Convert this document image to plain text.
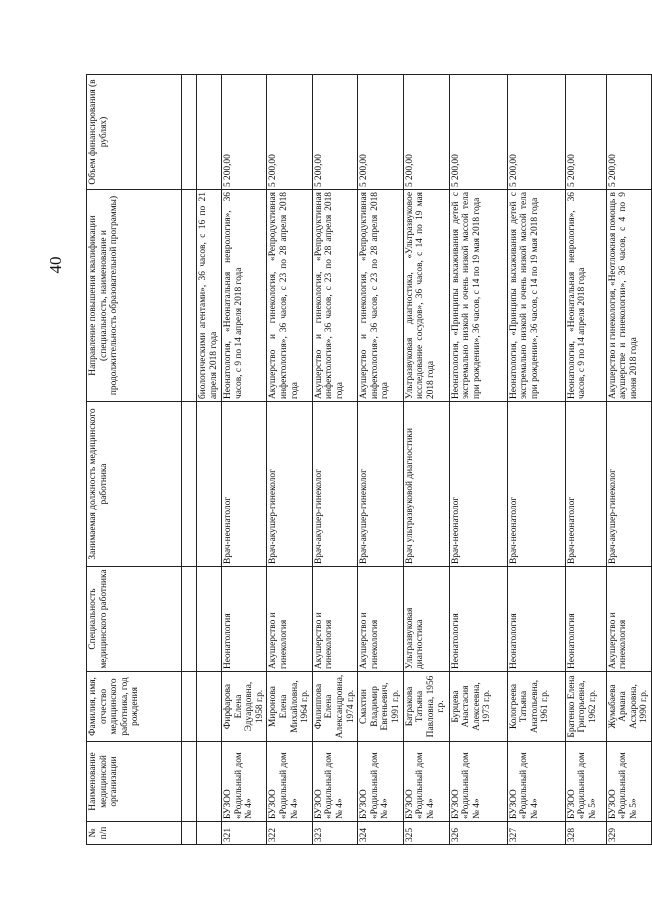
40
№ п/п	Наименование медицинской организации	Фамилия, имя, отчество медицинского работника, год рождения	Специальность медицинского работника	Занимаемая должность медицинского работника	Направление повышения квалификации (специальность, наименование и продолжительность образовательной программы)	Объем финансирования (в рублях)

					биологическими агентами», 36 часов, с 16 по 21 апреля 2018 года	
321	БУЗОО «Родильный дом № 4»	Фирфарова Елена Эдуардовна, 1958 г.р.	Неонатология	Врач-неонатолог	Неонатология, «Неонатальная неврология», 36 часов, с 9 по 14 апреля 2018 года	5 200,00
322	БУЗОО «Родильный дом № 4»	Миронова Елена Михайловна, 1964 г.р.	Акушерство и гинекология	Врач-акушер-гинеколог	Акушерство и гинекология, «Репродуктивная инфектология», 36 часов, с 23 по 28 апреля 2018 года	5 200,00
323	БУЗОО «Родильный дом № 4»	Филиппова Елена Александровна, 1974 г.р.	Акушерство и гинекология	Врач-акушер-гинеколог	Акушерство и гинекология, «Репродуктивная инфектология», 36 часов, с 23 по 28 апреля 2018 года	5 200,00
324	БУЗОО «Родильный дом № 4»	Смахтин Владимир Евгеньевич, 1991 г.р.	Акушерство и гинекология	Врач-акушер-гинеколог	Акушерство и гинекология, «Репродуктивная инфектология», 36 часов, с 23 по 28 апреля 2018 года	5 200,00
325	БУЗОО «Родильный дом № 4»	Батракова Татьяна Павловна, 1956 г.р.	Ультразвуковая диагностика	Врач ультразвуковой диагностики	Ультразвуковая диагностика, «Ультразвуковое исследование сосудов», 36 часов, с 14 по 19 мая 2018 года	5 200,00
326	БУЗОО «Родильный дом № 4»	Бурцева Анастасия Алексеевна, 1973 г.р.	Неонатология	Врач-неонатолог	Неонатология, «Принципы выхаживания детей с экстремально низкой и очень низкой массой тела при рождении», 36 часов, с 14 по 19 мая 2018 года	5 200,00
327	БУЗОО «Родильный дом № 4»	Кологреева Татьяна Анатольевна, 1961 г.р.	Неонатология	Врач-неонатолог	Неонатология, «Принципы выхаживания детей с экстремально низкой и очень низкой массой тела при рождении», 36 часов, с 14 по 19 мая 2018 года	5 200,00
328	БУЗОО «Родильный дом № 5»	Братенко Елена Григорьевна, 1962 г.р.	Неонатология	Врач-неонатолог	Неонатология, «Неонатальная неврология», 36 часов, с 9 по 14 апреля 2018 года	5 200,00
329	БУЗОО «Родильный дом № 5»	Жумабаева Армана Асхаровна, 1990 г.р.	Акушерство и гинекология	Врач-акушер-гинеколог	Акушерство и гинекология, «Неотложная помощь в акушерстве и гинекологии», 36 часов, с 4 по 9 июня 2018 года	5 200,00
